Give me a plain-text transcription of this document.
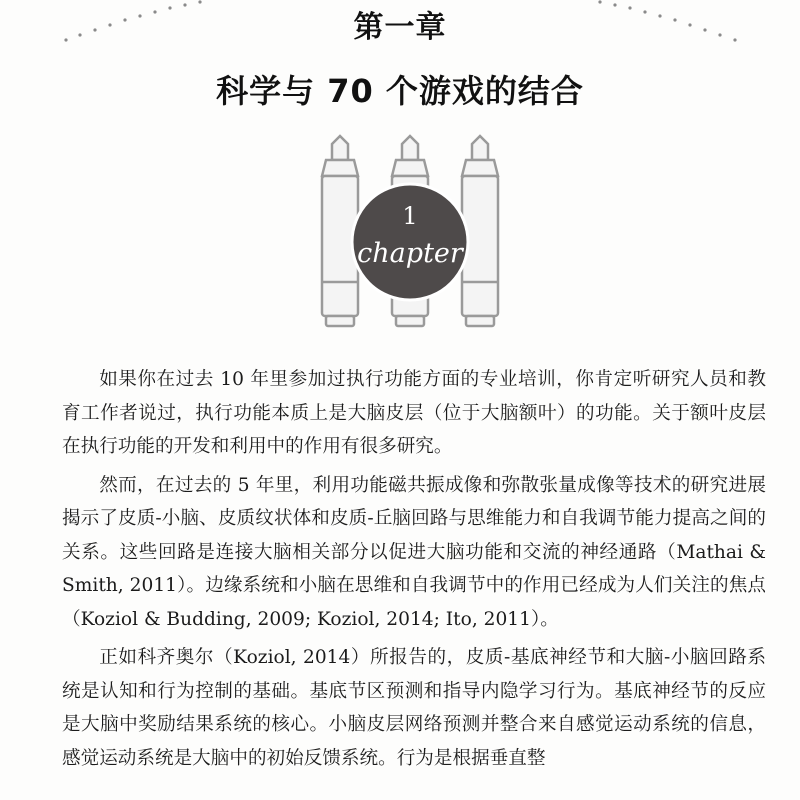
第一章
科学与 70 个游戏的结合
1
chapter

如果你在过去 10 年里参加过执行功能方面的专业培训，你肯定听研究人员和教育工作者说过，执行功能本质上是大脑皮层（位于大脑额叶）的功能。关于额叶皮层在执行功能的开发和利用中的作用有很多研究。

然而，在过去的 5 年里，利用功能磁共振成像和弥散张量成像等技术的研究进展揭示了皮质-小脑、皮质纹状体和皮质-丘脑回路与思维能力和自我调节能力提高之间的关系。这些回路是连接大脑相关部分以促进大脑功能和交流的神经通路（Mathai & Smith, 2011）。边缘系统和小脑在思维和自我调节中的作用已经成为人们关注的焦点（Koziol & Budding, 2009; Koziol, 2014; Ito, 2011）。

正如科齐奥尔（Koziol, 2014）所报告的，皮质-基底神经节和大脑-小脑回路系统是认知和行为控制的基础。基底节区预测和指导内隐学习行为。基底神经节的反应是大脑中奖励结果系统的核心。小脑皮层网络预测并整合来自感觉运动系统的信息，感觉运动系统是大脑中的初始反馈系统。行为是根据垂直整
